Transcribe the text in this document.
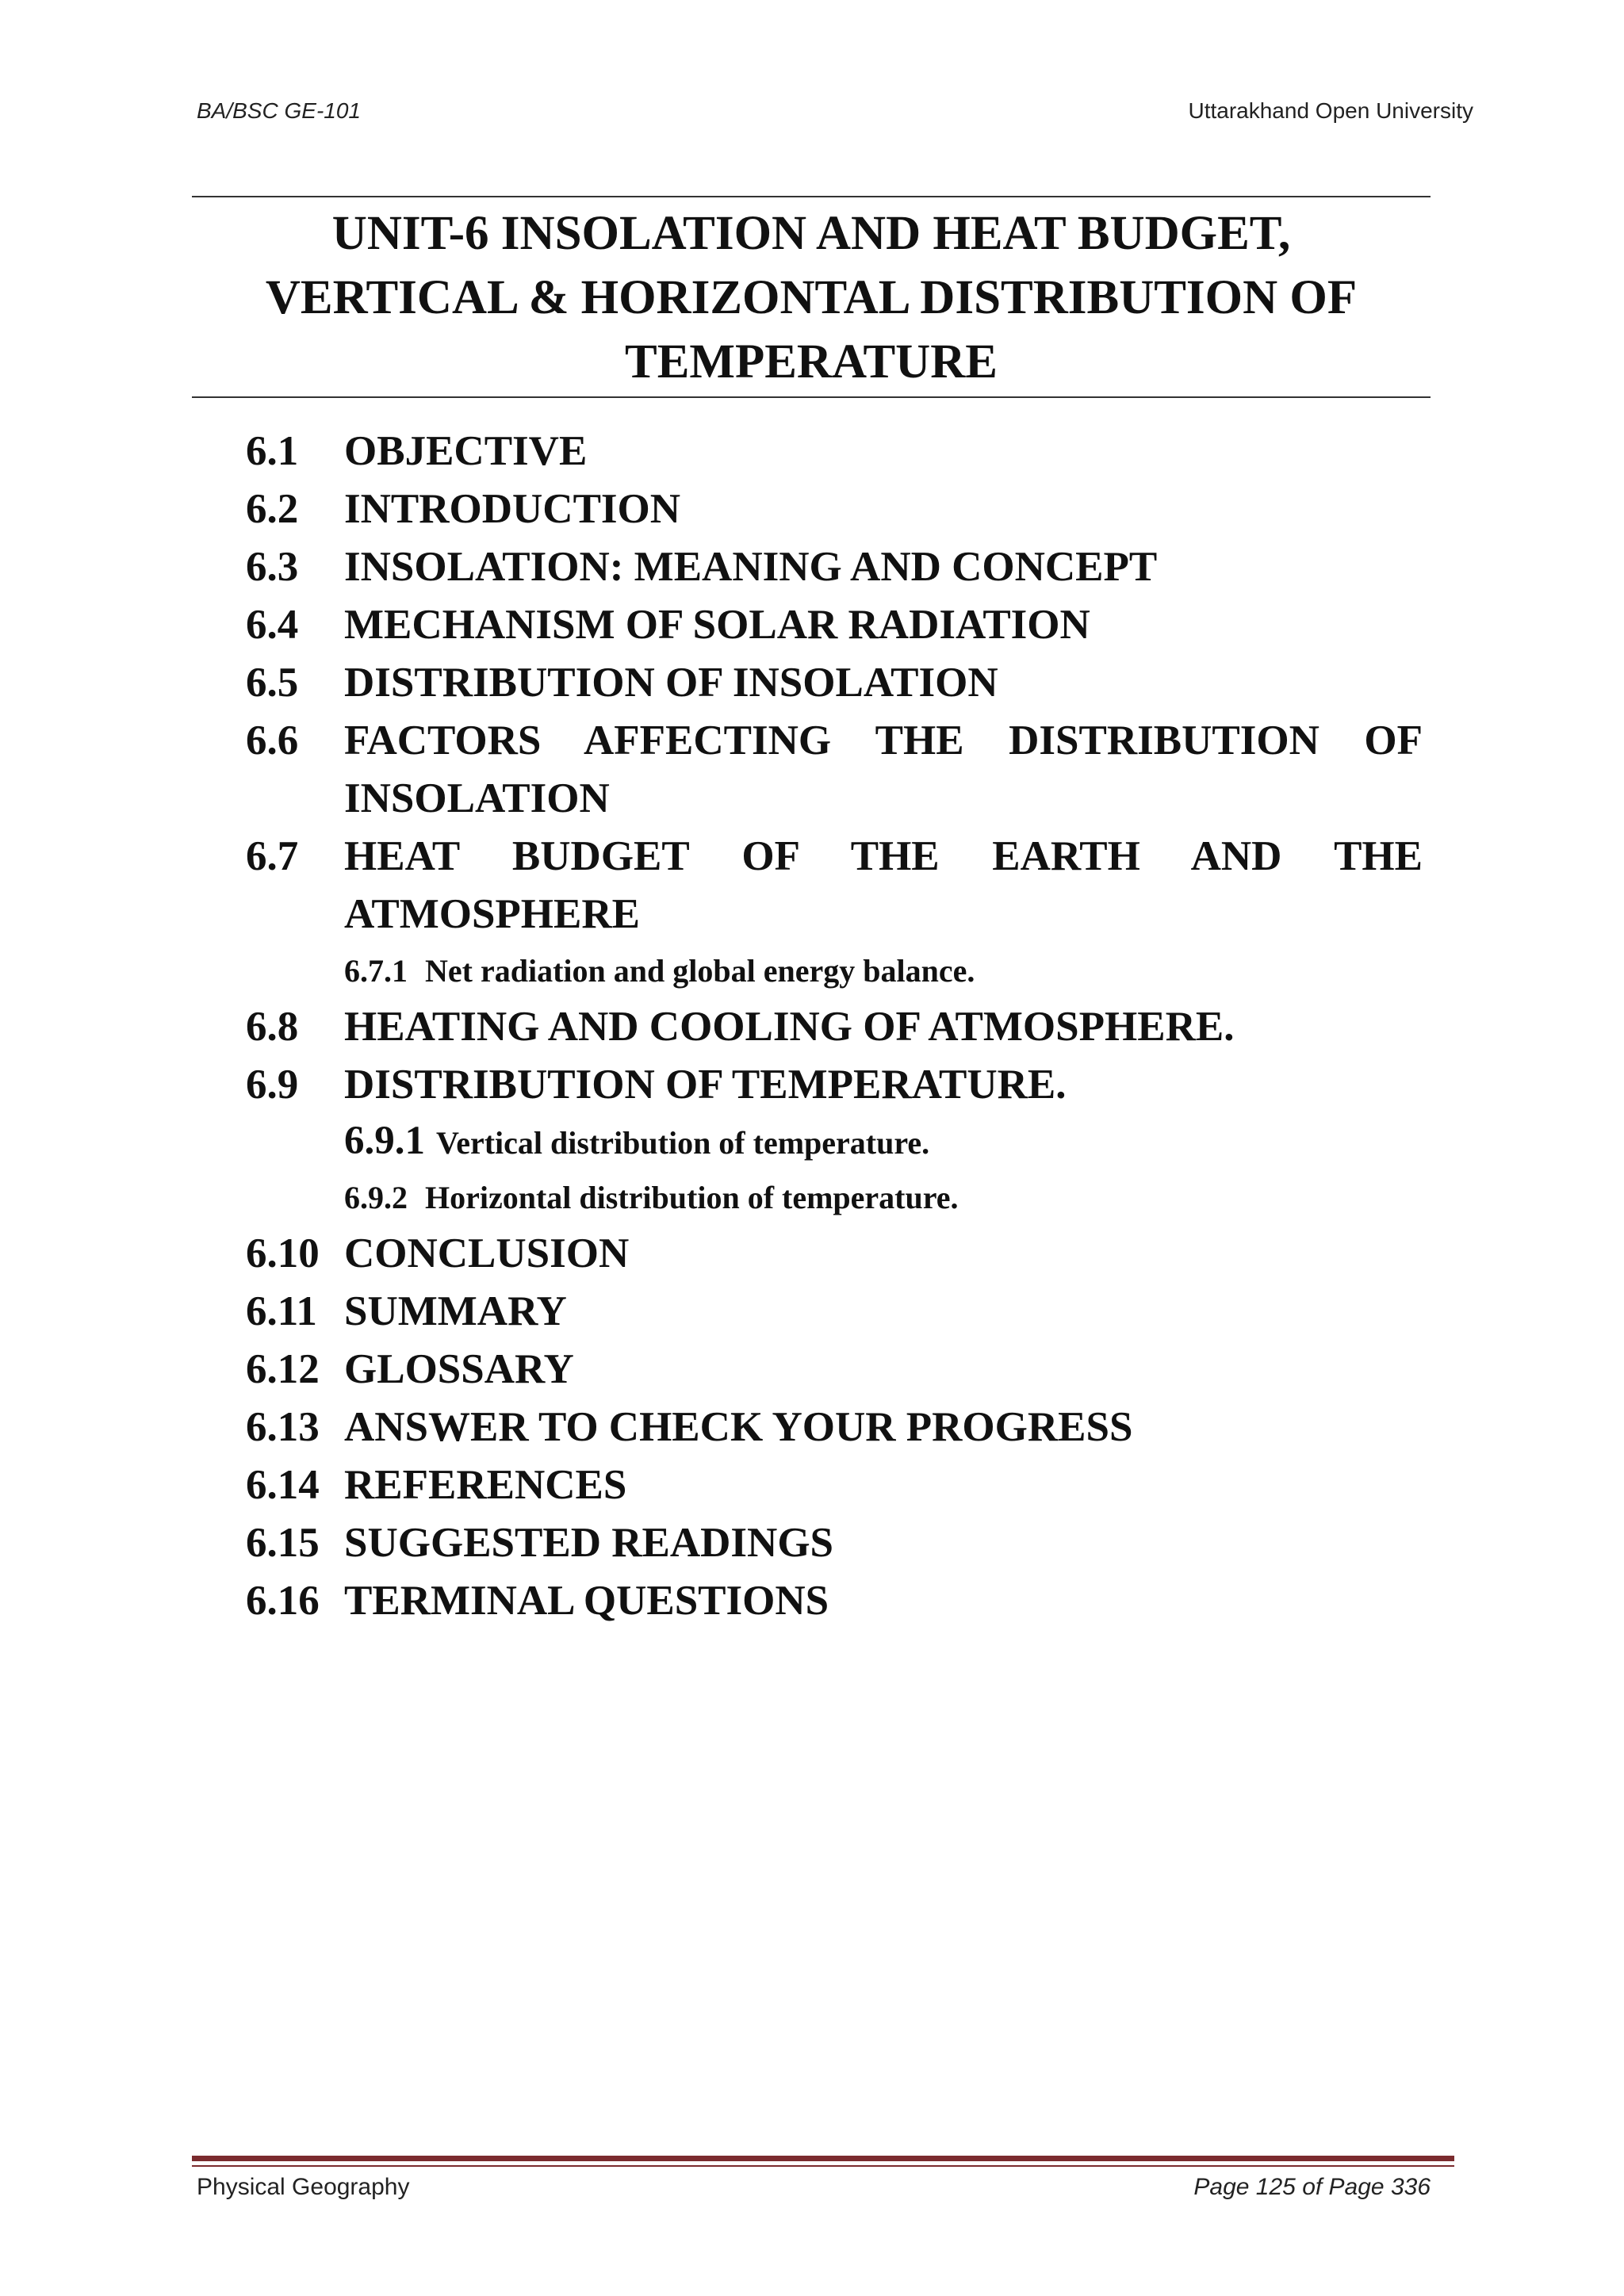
BA/BSC GE-101	Uttarakhand Open University
UNIT-6 INSOLATION AND HEAT BUDGET,
VERTICAL & HORIZONTAL DISTRIBUTION OF
TEMPERATURE
6.1	OBJECTIVE
6.2	INTRODUCTION
6.3	INSOLATION: MEANING AND CONCEPT
6.4	MECHANISM OF SOLAR RADIATION
6.5	DISTRIBUTION OF INSOLATION
6.6	FACTORS AFFECTING THE DISTRIBUTION OF
INSOLATION
6.7	HEAT BUDGET OF THE EARTH AND THE
ATMOSPHERE
6.7.1 Net radiation and global energy balance.
6.8	HEATING AND COOLING OF ATMOSPHERE.
6.9	DISTRIBUTION OF TEMPERATURE.
6.9.1 Vertical distribution of temperature.
6.9.2 Horizontal distribution of temperature.
6.10 CONCLUSION
6.11 SUMMARY
6.12 GLOSSARY
6.13 ANSWER TO CHECK YOUR PROGRESS
6.14 REFERENCES
6.15 SUGGESTED READINGS
6.16 TERMINAL QUESTIONS
Physical Geography	Page 125 of Page 336
